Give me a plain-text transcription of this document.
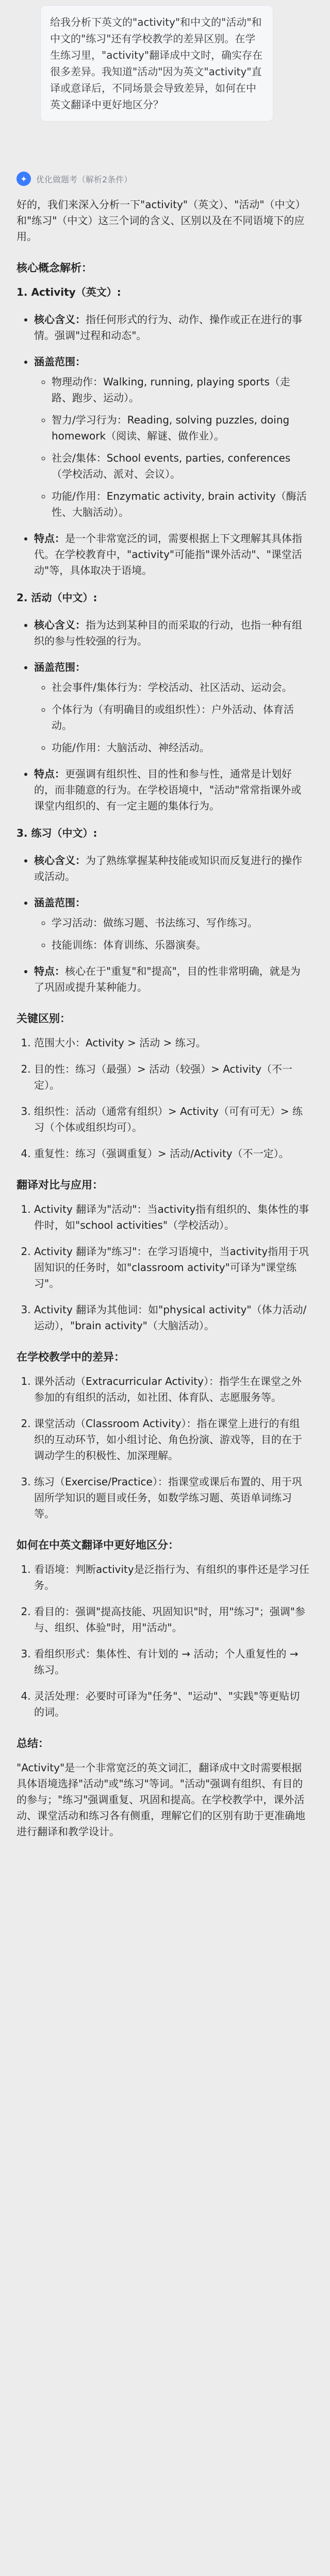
给我分析下英文的"activity"和中文的"活动"和中文的"练习"还有学校教学的差异区别。在学生练习里，"activity"翻译成中文时，确实存在很多差异。我知道"活动"因为英文"activity"直译或意译后，不同场景会导致差异，如何在中英文翻译中更好地区分？
✦	优化做题考（解析2条件）

好的，我们来深入分析一下"activity"（英文）、"活动"（中文）和"练习"（中文）这三个词的含义、区别以及在不同语境下的应用。

核心概念解析：

1. Activity（英文）:

• 核心含义：指任何形式的行为、动作、操作或正在进行的事情。强调"过程和动态"。
• 涵盖范围：
◦ 物理动作：Walking, running, playing sports（走路、跑步、运动）。
◦ 智力/学习行为：Reading, solving puzzles, doing homework（阅读、解谜、做作业）。
◦ 社会/集体：School events, parties, conferences（学校活动、派对、会议）。
◦ 功能/作用：Enzymatic activity, brain activity（酶活性、大脑活动）。
• 特点：是一个非常宽泛的词，需要根据上下文理解其具体指代。在学校教育中，"activity"可能指"课外活动"、"课堂活动"等，具体取决于语境。

2. 活动（中文）:

• 核心含义：指为达到某种目的而采取的行动，也指一种有组织的参与性较强的行为。
• 涵盖范围：
◦ 社会事件/集体行为：学校活动、社区活动、运动会。
◦ 个体行为（有明确目的或组织性）：户外活动、体育活动。
◦ 功能/作用：大脑活动、神经活动。
• 特点：更强调有组织性、目的性和参与性，通常是计划好的，而非随意的行为。在学校语境中，"活动"常常指课外或课堂内组织的、有一定主题的集体行为。

3. 练习（中文）:

• 核心含义：为了熟练掌握某种技能或知识而反复进行的操作或活动。
• 涵盖范围：
◦ 学习活动：做练习题、书法练习、写作练习。
◦ 技能训练：体育训练、乐器演奏。
• 特点：核心在于"重复"和"提高"，目的性非常明确，就是为了巩固或提升某种能力。
关键区别：
1. 范围大小：Activity > 活动 > 练习。
2. 目的性：练习（最强）> 活动（较强）> Activity（不一定）。
3. 组织性：活动（通常有组织）> Activity（可有可无）> 练习（个体或组织均可）。
4. 重复性：练习（强调重复）> 活动/Activity（不一定）。
翻译对比与应用：
1. Activity 翻译为"活动"：当activity指有组织的、集体性的事件时，如"school activities"（学校活动）。
2. Activity 翻译为"练习"：在学习语境中，当activity指用于巩固知识的任务时，如"classroom activity"可译为"课堂练习"。
3. Activity 翻译为其他词：如"physical activity"（体力活动/运动），"brain activity"（大脑活动）。
在学校教学中的差异：
1. 课外活动（Extracurricular Activity）：指学生在课堂之外参加的有组织的活动，如社团、体育队、志愿服务等。
2. 课堂活动（Classroom Activity）：指在课堂上进行的有组织的互动环节，如小组讨论、角色扮演、游戏等，目的在于调动学生的积极性、加深理解。
3. 练习（Exercise/Practice）：指课堂或课后布置的、用于巩固所学知识的题目或任务，如数学练习题、英语单词练习等。
如何在中英文翻译中更好地区分：
1. 看语境：判断activity是泛指行为、有组织的事件还是学习任务。
2. 看目的：强调"提高技能、巩固知识"时，用"练习"；强调"参与、组织、体验"时，用"活动"。
3. 看组织形式：集体性、有计划的 → 活动；个人重复性的 → 练习。
4. 灵活处理：必要时可译为"任务"、"运动"、"实践"等更贴切的词。
总结：

"Activity"是一个非常宽泛的英文词汇，翻译成中文时需要根据具体语境选择"活动"或"练习"等词。"活动"强调有组织、有目的的参与；"练习"强调重复、巩固和提高。在学校教学中，课外活动、课堂活动和练习各有侧重，理解它们的区别有助于更准确地进行翻译和教学设计。
